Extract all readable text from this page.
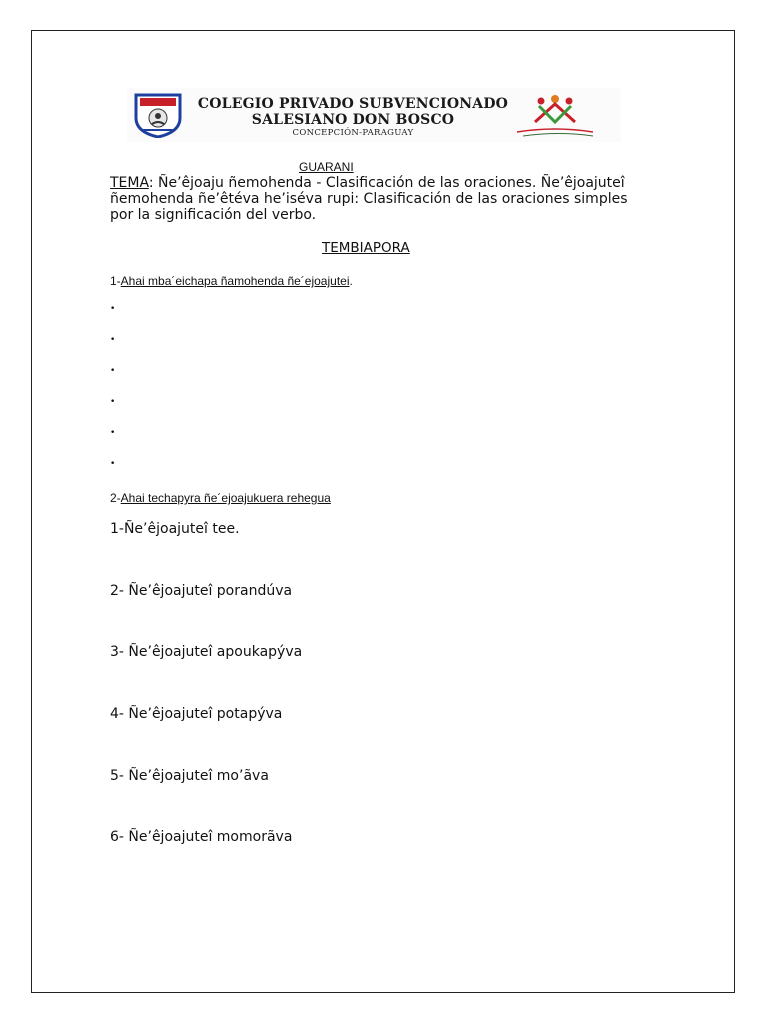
COLEGIO PRIVADO SUBVENCIONADO
SALESIANO DON BOSCO
CONCEPCIÓN-PARAGUAY
GUARANI
TEMA: Ñe’êjoaju ñemohenda - Clasificación de las oraciones. Ñe’êjoajuteî ñemohenda ñe’êtéva he’iséva rupi: Clasificación de las oraciones simples por la significación del verbo.
TEMBIAPORA
1-Ahai mba´eichapa ñamohenda ñe´ejoajutei.
•
•
•
•
•
•
2-Ahai techapyra ñe´ejoajukuera rehegua
1-Ñe’êjoajuteî tee.
2- Ñe’êjoajuteî porandúva
3- Ñe’êjoajuteî apoukapýva
4- Ñe’êjoajuteî potapýva
5- Ñe’êjoajuteî mo’ãva
6- Ñe’êjoajuteî momorãva
